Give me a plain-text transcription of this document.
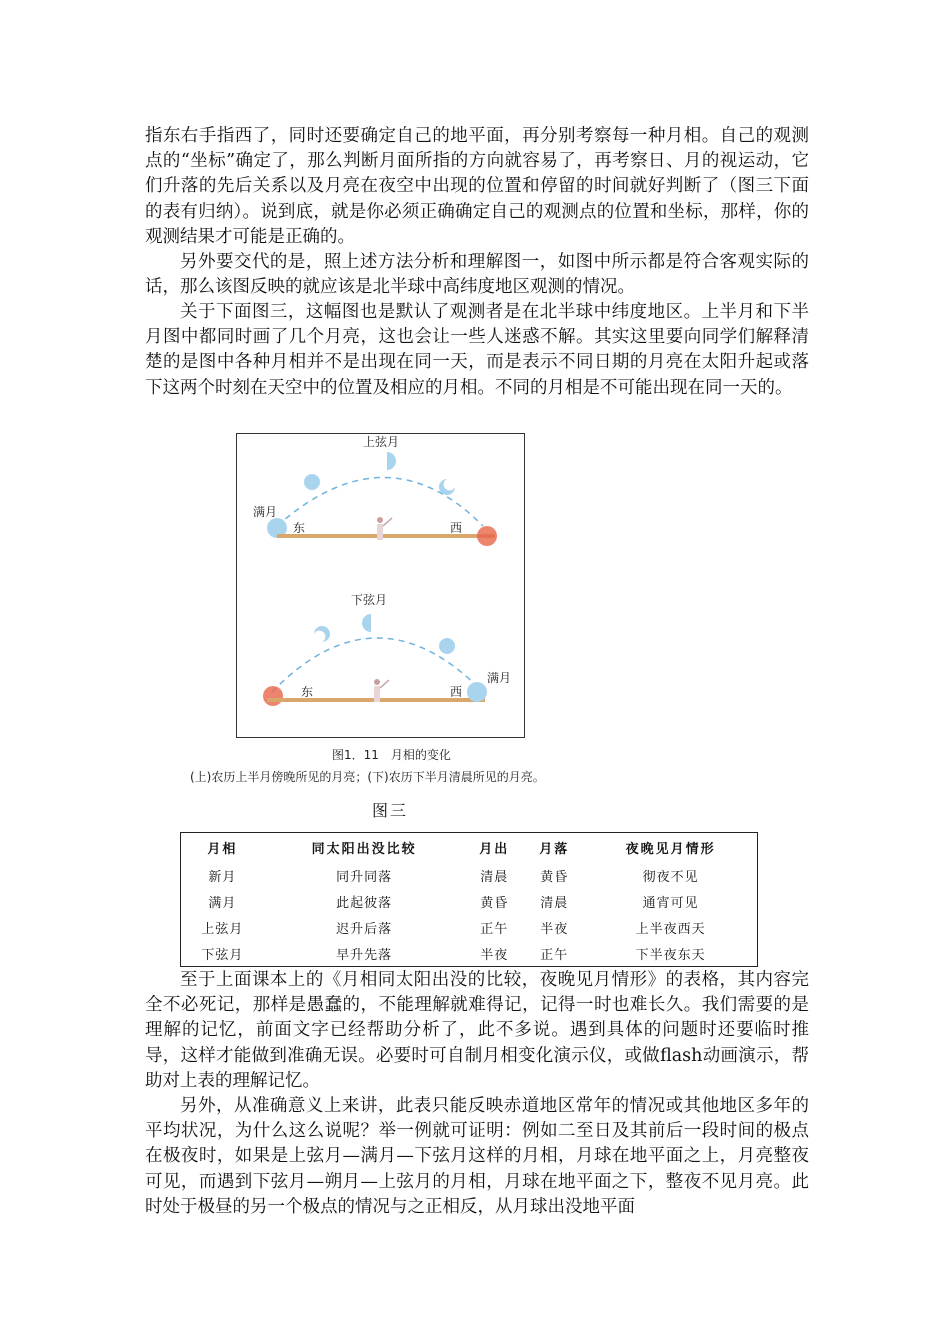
指东右手指西了，同时还要确定自己的地平面，再分别考察每一种月相。自己的观测点的“坐标”确定了，那么判断月面所指的方向就容易了，再考察日、月的视运动，它们升落的先后关系以及月亮在夜空中出现的位置和停留的时间就好判断了（图三下面的表有归纳）。说到底，就是你必须正确确定自己的观测点的位置和坐标，那样，你的观测结果才可能是正确的。

另外要交代的是，照上述方法分析和理解图一，如图中所示都是符合客观实际的话，那么该图反映的就应该是北半球中高纬度地区观测的情况。

关于下面图三，这幅图也是默认了观测者是在北半球中纬度地区。上半月和下半月图中都同时画了几个月亮，这也会让一些人迷惑不解。其实这里要向同学们解释清楚的是图中各种月相并不是出现在同一天，而是表示不同日期的月亮在太阳升起或落下这两个时刻在天空中的位置及相应的月相。不同的月相是不可能出现在同一天的。

上弦月
满月
东	西
下弦月
满月
东	西
图1．11　月相的变化
(上)农历上半月傍晚所见的月亮；(下)农历下半月清晨所见的月亮。
图三
月相	同太阳出没比较	月出	月落	夜晚见月情形
新月	同升同落	清晨	黄昏	彻夜不见
满月	此起彼落	黄昏	清晨	通宵可见
上弦月	迟升后落	正午	半夜	上半夜西天
下弦月	早升先落	半夜	正午	下半夜东天

至于上面课本上的《月相同太阳出没的比较，夜晚见月情形》的表格，其内容完全不必死记，那样是愚蠢的，不能理解就难得记，记得一时也难长久。我们需要的是理解的记忆，前面文字已经帮助分析了，此不多说。遇到具体的问题时还要临时推导，这样才能做到准确无误。必要时可自制月相变化演示仪，或做flash动画演示，帮助对上表的理解记忆。

另外，从准确意义上来讲，此表只能反映赤道地区常年的情况或其他地区多年的平均状况，为什么这么说呢？举一例就可证明：例如二至日及其前后一段时间的极点在极夜时，如果是上弦月—满月—下弦月这样的月相，月球在地平面之上，月亮整夜可见，而遇到下弦月—朔月—上弦月的月相，月球在地平面之下，整夜不见月亮。此时处于极昼的另一个极点的情况与之正相反，从月球出没地平面
